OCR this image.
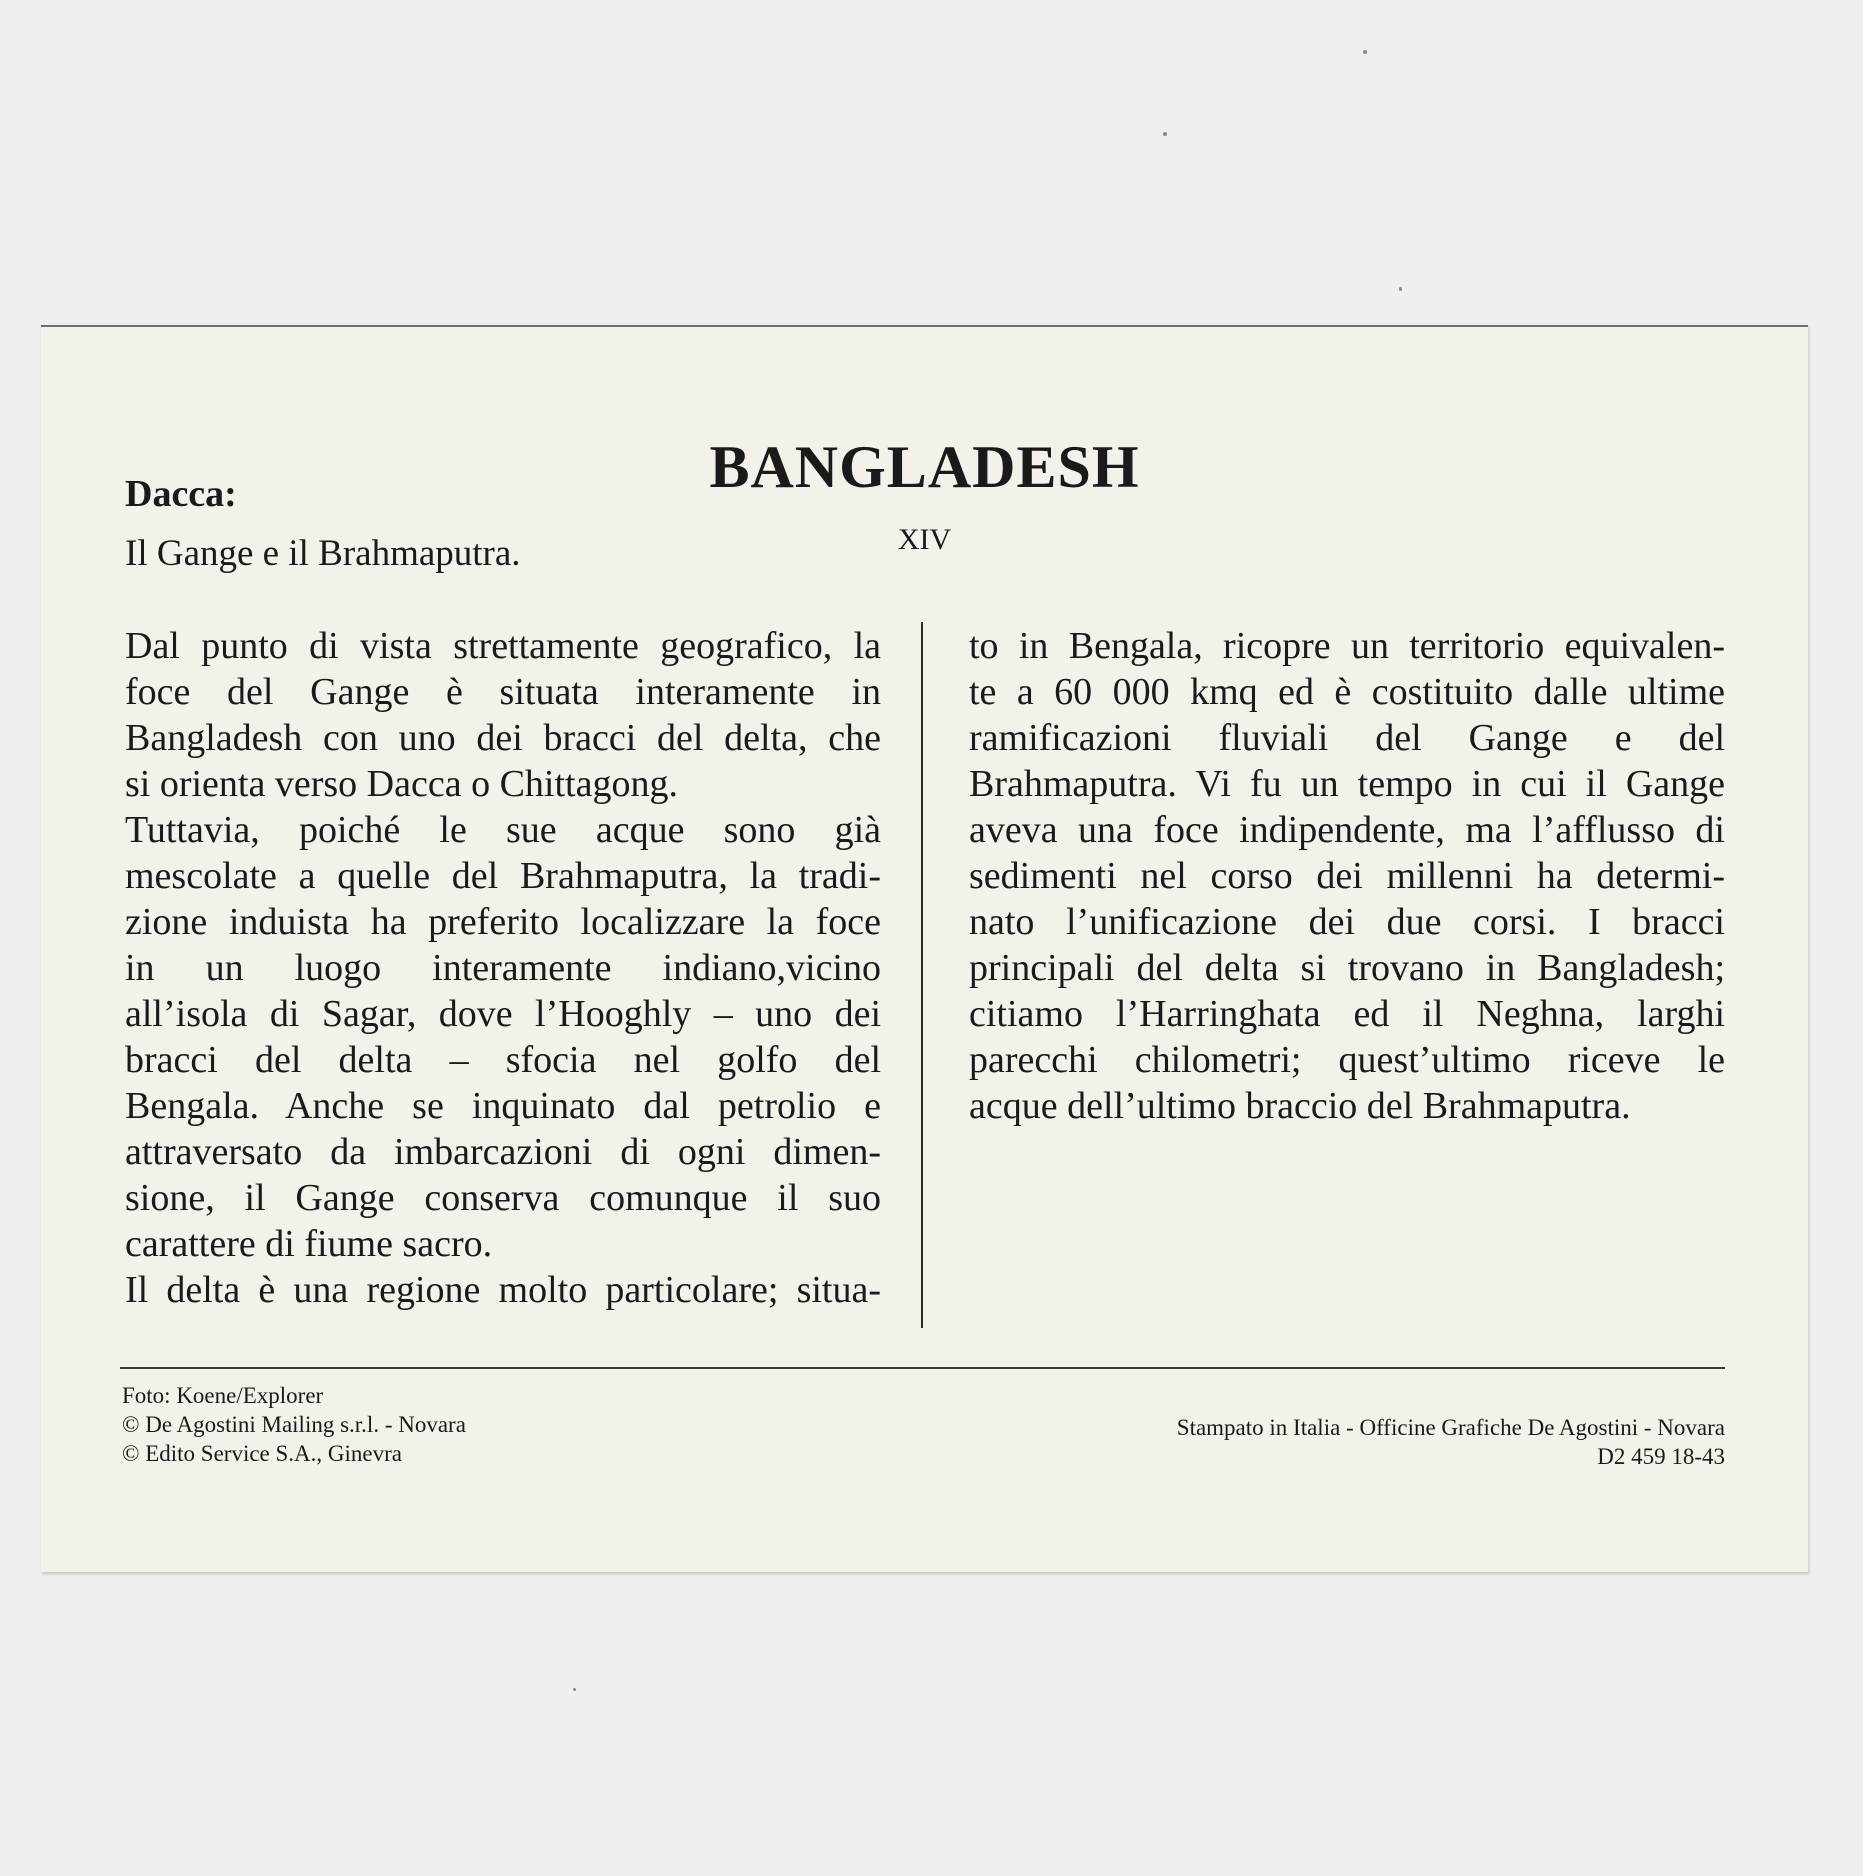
BANGLADESH
XIV
Dacca:
Il Gange e il Brahmaputra.
Dal punto di vista strettamente geografico, la
foce del Gange è situata interamente in
Bangladesh con uno dei bracci del delta, che
si orienta verso Dacca o Chittagong.
Tuttavia, poiché le sue acque sono già
mescolate a quelle del Brahmaputra, la tradi-
zione induista ha preferito localizzare la foce
in un luogo interamente indiano,vicino
all’isola di Sagar, dove l’Hooghly – uno dei
bracci del delta – sfocia nel golfo del
Bengala. Anche se inquinato dal petrolio e
attraversato da imbarcazioni di ogni dimen-
sione, il Gange conserva comunque il suo
carattere di fiume sacro.
Il delta è una regione molto particolare; situa-
to in Bengala, ricopre un territorio equivalen-
te a 60 000 kmq ed è costituito dalle ultime
ramificazioni fluviali del Gange e del
Brahmaputra. Vi fu un tempo in cui il Gange
aveva una foce indipendente, ma l’afflusso di
sedimenti nel corso dei millenni ha determi-
nato l’unificazione dei due corsi. I bracci
principali del delta si trovano in Bangladesh;
citiamo l’Harringhata ed il Neghna, larghi
parecchi chilometri; quest’ultimo riceve le
acque dell’ultimo braccio del Brahmaputra.
Foto: Koene/Explorer
© De Agostini Mailing s.r.l. - Novara
© Edito Service S.A., Ginevra
Stampato in Italia - Officine Grafiche De Agostini - Novara
D2 459 18-43
